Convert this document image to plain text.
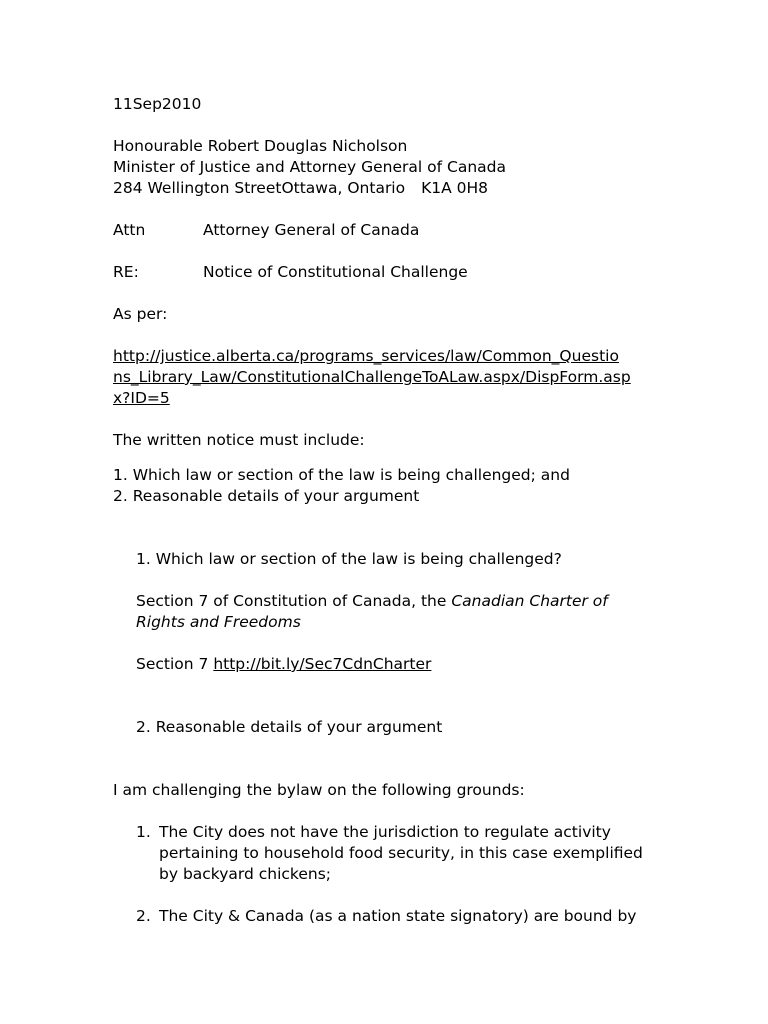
11Sep2010
Honourable Robert Douglas Nicholson
Minister of Justice and Attorney General of Canada
284 Wellington StreetOttawa, Ontario K1A 0H8
Attn	Attorney General of Canada
RE:	Notice of Constitutional Challenge
As per:
http://justice.alberta.ca/programs_services/law/Common_Questio
ns_Library_Law/ConstitutionalChallengeToALaw.aspx/DispForm.asp
x?ID=5
The written notice must include:
1. Which law or section of the law is being challenged; and
2. Reasonable details of your argument
1. Which law or section of the law is being challenged?
Section 7 of Constitution of Canada, the Canadian Charter of
Rights and Freedoms
Section 7 http://bit.ly/Sec7CdnCharter
2. Reasonable details of your argument
I am challenging the bylaw on the following grounds:
1. The City does not have the jurisdiction to regulate activity
pertaining to household food security, in this case exemplified
by backyard chickens;
2. The City & Canada (as a nation state signatory) are bound by
